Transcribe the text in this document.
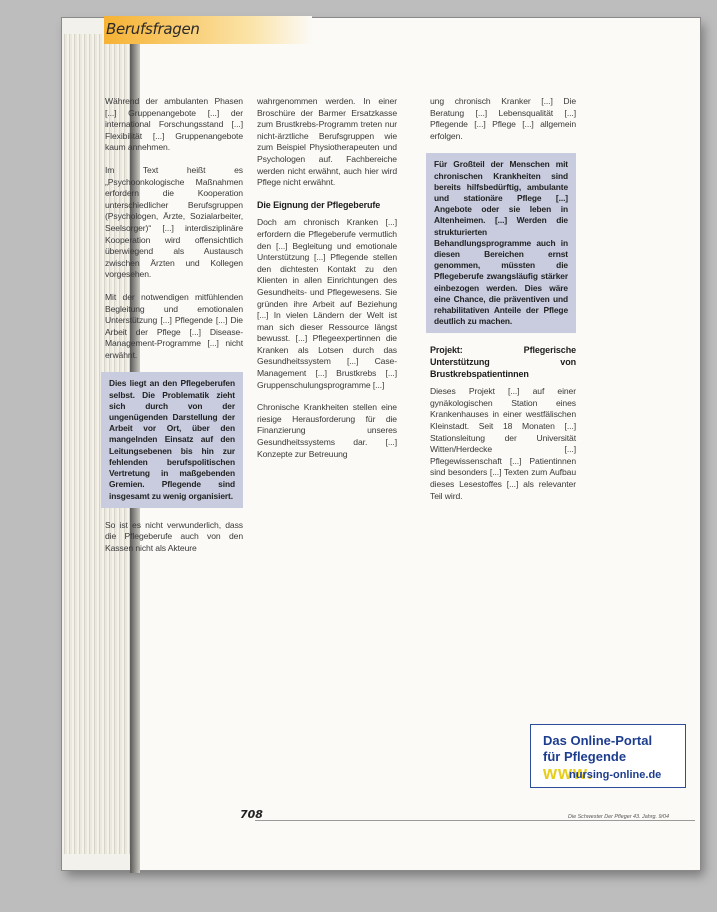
Berufsfragen

Während der ambulanten Phasen [...] Gruppenangebote [...] der international Forschungsstand [...] Flexibilität [...] Gruppenangebote kaum annehmen.

Im Text heißt es „Psychoonkologische Maßnahmen erfordern die Kooperation unterschiedlicher Berufsgruppen (Psychologen, Ärzte, Sozialarbeiter, Seelsorger)“ [...] interdisziplinäre Kooperation wird offensichtlich überwiegend als Austausch zwischen Ärzten und Kollegen vorgesehen.

Mit der notwendigen mitfühlenden Begleitung und emotionalen Unterstützung [...] Pflegende [...] Die Arbeit der Pflege [...] Disease-Management-Programme [...] nicht erwähnt.

Dies liegt an den Pflegeberufen selbst. Die Problematik zieht sich durch von der ungenügenden Darstellung der Arbeit vor Ort, über den mangelnden Einsatz auf den Leitungsebenen bis hin zur fehlenden berufspolitischen Vertretung in maßgebenden Gremien. Pflegende sind insgesamt zu wenig organisiert.

So ist es nicht verwunderlich, dass die Pflegeberufe auch von den Kassen nicht als Akteure

wahrgenommen werden. In einer Broschüre der Barmer Ersatzkasse zum Brustkrebs-Programm treten nur nicht-ärztliche Berufsgruppen wie zum Beispiel Physiotherapeuten und Psychologen auf. Fachbereiche werden nicht erwähnt, auch hier wird Pflege nicht erwähnt.

Die Eignung der Pflegeberufe

Doch am chronisch Kranken [...] erfordern die Pflegeberufe vermutlich den [...] Begleitung und emotionale Unterstützung [...] Pflegende stellen den dichtesten Kontakt zu den Klienten in allen Einrichtungen des Gesundheits- und Pflegewesens. Sie gründen ihre Arbeit auf Beziehung [...] In vielen Ländern der Welt ist man sich dieser Ressource längst bewusst. [...] Pflegeexpertinnen die Kranken als Lotsen durch das Gesundheitssystem [...] Case-Management [...] Brustkrebs [...] Gruppenschulungsprogramme [...]

Chronische Krankheiten stellen eine riesige Herausforderung für die Finanzierung unseres Gesundheitssystems dar. [...] Konzepte zur Betreuung

ung chronisch Kranker [...] Die Beratung [...] Lebensqualität [...] Pflegende [...] Pflege [...] allgemein erfolgen.

Für Großteil der Menschen mit chronischen Krankheiten sind bereits hilfsbedürftig, ambulante und stationäre Pflege [...] Angebote oder sie leben in Altenheimen. [...] Werden die strukturierten Behandlungsprogramme auch in diesen Bereichen ernst genommen, müssten die Pflegeberufe zwangsläufig stärker einbezogen werden. Dies wäre eine Chance, die präventiven und rehabilitativen Anteile der Pflege deutlich zu machen.
Projekt: Pflegerische Unterstützung von Brustkrebspatientinnen

Dieses Projekt [...] auf einer gynäkologischen Station eines Krankenhauses in einer westfälischen Kleinstadt. Seit 18 Monaten [...] Stationsleitung der Universität Witten/Herdecke [...] Pflegewissenschaft [...] Patientinnen sind besonders [...] Texten zum Aufbau dieses Lesestoffes [...] als relevanter Teil wird.

Das Online-Portal
für Pflegende
www.
nursing-online.de
708	Die Schwester Der Pfleger 43. Jahrg. 9/04
